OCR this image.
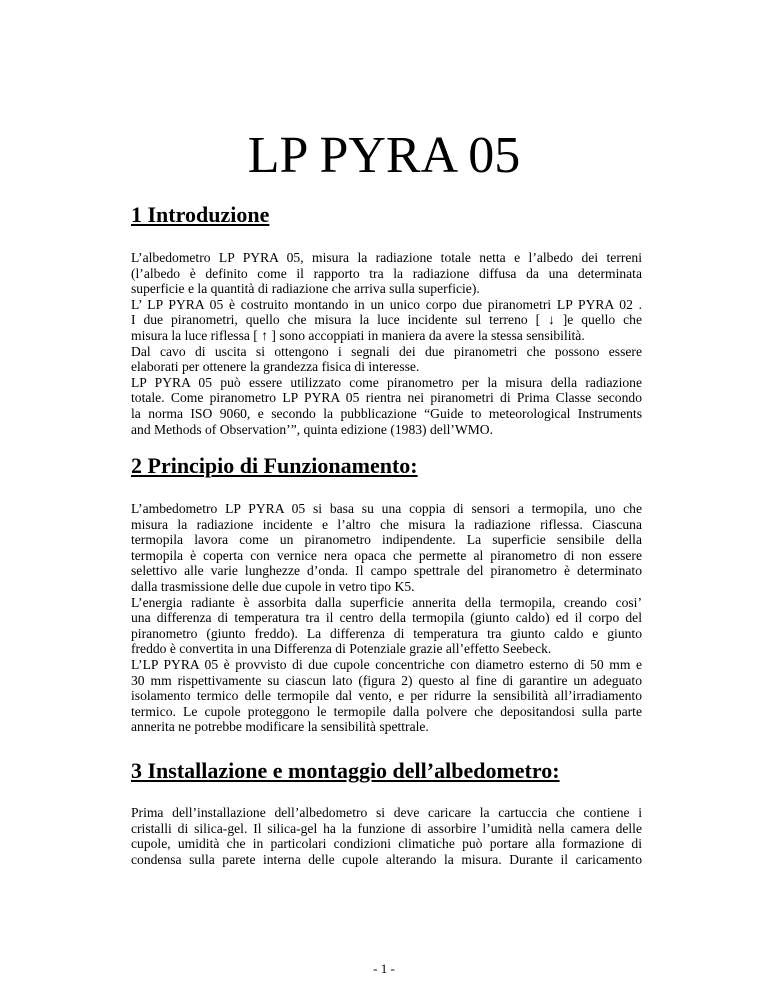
LP PYRA 05
1 Introduzione
L’albedometro LP PYRA 05, misura la radiazione totale netta e l’albedo dei terreni
(l’albedo è definito come il rapporto tra la radiazione diffusa da una determinata
superficie e la quantità di radiazione che arriva sulla superficie).
L’ LP PYRA 05 è costruito montando in un unico corpo due piranometri LP PYRA 02 .
I due piranometri, quello che misura la luce incidente sul terreno [ ↓ ]e quello che
misura la luce riflessa [ ↑ ] sono accoppiati in maniera da avere la stessa sensibilità.
Dal cavo di uscita si ottengono i segnali dei due piranometri che possono essere
elaborati per ottenere la grandezza fisica di interesse.
LP PYRA 05 può essere utilizzato come piranometro per la misura della radiazione
totale. Come piranometro LP PYRA 05 rientra nei piranometri di Prima Classe secondo
la norma ISO 9060, e secondo la pubblicazione “Guide to meteorological Instruments
and Methods of Observation’”, quinta edizione (1983) dell’WMO.
2 Principio di Funzionamento:
L’ambedometro LP PYRA 05 si basa su una coppia di sensori a termopila, uno che
misura la radiazione incidente e l’altro che misura la radiazione riflessa. Ciascuna
termopila lavora come un piranometro indipendente. La superficie sensibile della
termopila è coperta con vernice nera opaca che permette al piranometro di non essere
selettivo alle varie lunghezze d’onda. Il campo spettrale del piranometro è determinato
dalla trasmissione delle due cupole in vetro tipo K5.
L’energia radiante è assorbita dalla superficie annerita della termopila, creando cosi’
una differenza di temperatura tra il centro della termopila (giunto caldo) ed il corpo del
piranometro (giunto freddo). La differenza di temperatura tra giunto caldo e giunto
freddo è convertita in una Differenza di Potenziale grazie all’effetto Seebeck.
L’LP PYRA 05 è provvisto di due cupole concentriche con diametro esterno di 50 mm e
30 mm rispettivamente su ciascun lato (figura 2) questo al fine di garantire un adeguato
isolamento termico delle termopile dal vento, e per ridurre la sensibilità all’irradiamento
termico. Le cupole proteggono le termopile dalla polvere che depositandosi sulla parte
annerita ne potrebbe modificare la sensibilità spettrale.
3 Installazione e montaggio dell’albedometro:
Prima dell’installazione dell’albedometro si deve caricare la cartuccia che contiene i
cristalli di silica-gel. Il silica-gel ha la funzione di assorbire l’umidità nella camera delle
cupole, umidità che in particolari condizioni climatiche può portare alla formazione di
condensa sulla parete interna delle cupole alterando la misura. Durante il caricamento
- 1 -
